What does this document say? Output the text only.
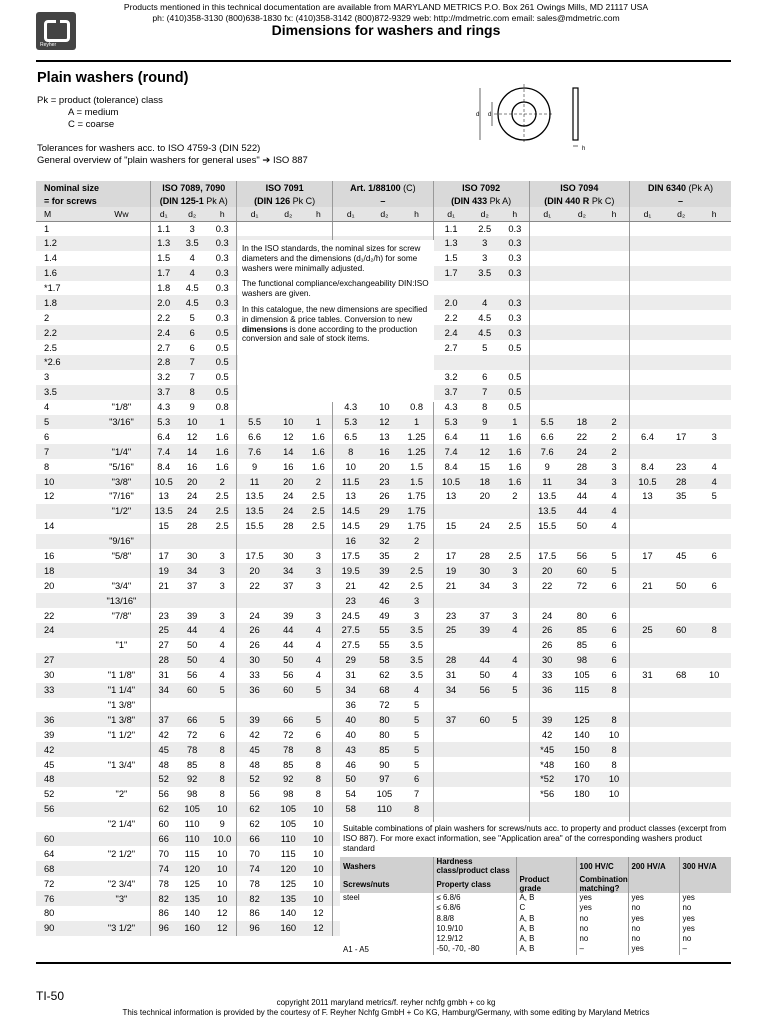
Reyher
Products mentioned in this technical documentation are available from MARYLAND METRICS P.O. Box 261 Owings Mills, MD 21117 USA
ph: (410)358-3130 (800)638-1830 fx: (410)358-3142 (800)872-9329 web: http://mdmetric.com email: sales@mdmetric.com
Dimensions for washers and rings
Plain washers (round)
Pk = product (tolerance) class
A = medium
C = coarse
Tolerances for washers acc. to ISO 4759-3 (DIN 522)
General overview of "plain washers for general uses" ➔ ISO 887
d d
h
Nominal size		ISO 7089, 7090			ISO 7091			Art. 1/88100 (C)			ISO 7092			ISO 7094			DIN 6340 (Pk A)		
= for screws		(DIN 125-1 Pk A)			(DIN 126 Pk C)			–			(DIN 433 Pk A)			(DIN 440 R Pk C)			–		
M	Ww	d₁	d₂	h	d₁	d₂	h	d₁	d₂	h	d₁	d₂	h	d₁	d₂	h	d₁	d₂	h
1		1.1	3	0.3							1.1	2.5	0.3						
1.2		1.3	3.5	0.3							1.3	3	0.3						
1.4		1.5	4	0.3							1.5	3	0.3						
1.6		1.7	4	0.3							1.7	3.5	0.3						
*1.7		1.8	4.5	0.3															
1.8		2.0	4.5	0.3							2.0	4	0.3						
2		2.2	5	0.3							2.2	4.5	0.3						
2.2		2.4	6	0.5							2.4	4.5	0.3						
2.5		2.7	6	0.5							2.7	5	0.5						
*2.6		2.8	7	0.5															
3		3.2	7	0.5							3.2	6	0.5						
3.5		3.7	8	0.5							3.7	7	0.5						
4	"1/8"	4.3	9	0.8				4.3	10	0.8	4.3	8	0.5						
5	"3/16"	5.3	10	1	5.5	10	1	5.3	12	1	5.3	9	1	5.5	18	2			
6		6.4	12	1.6	6.6	12	1.6	6.5	13	1.25	6.4	11	1.6	6.6	22	2	6.4	17	3
7	"1/4"	7.4	14	1.6	7.6	14	1.6	8	16	1.25	7.4	12	1.6	7.6	24	2			
8	"5/16"	8.4	16	1.6	9	16	1.6	10	20	1.5	8.4	15	1.6	9	28	3	8.4	23	4
10	"3/8"	10.5	20	2	11	20	2	11.5	23	1.5	10.5	18	1.6	11	34	3	10.5	28	4
12	"7/16"	13	24	2.5	13.5	24	2.5	13	26	1.75	13	20	2	13.5	44	4	13	35	5
	"1/2"	13.5	24	2.5	13.5	24	2.5	14.5	29	1.75				13.5	44	4			
14		15	28	2.5	15.5	28	2.5	14.5	29	1.75	15	24	2.5	15.5	50	4			
	"9/16"							16	32	2									
16	"5/8"	17	30	3	17.5	30	3	17.5	35	2	17	28	2.5	17.5	56	5	17	45	6
18		19	34	3	20	34	3	19.5	39	2.5	19	30	3	20	60	5			
20	"3/4"	21	37	3	22	37	3	21	42	2.5	21	34	3	22	72	6	21	50	6
	"13/16"							23	46	3									
22	"7/8"	23	39	3	24	39	3	24.5	49	3	23	37	3	24	80	6			
24		25	44	4	26	44	4	27.5	55	3.5	25	39	4	26	85	6	25	60	8
	"1"	27	50	4	26	44	4	27.5	55	3.5				26	85	6			
27		28	50	4	30	50	4	29	58	3.5	28	44	4	30	98	6			
30	"1 1/8"	31	56	4	33	56	4	31	62	3.5	31	50	4	33	105	6	31	68	10
33	"1 1/4"	34	60	5	36	60	5	34	68	4	34	56	5	36	115	8			
	"1 3/8"							36	72	5									
36	"1 3/8"	37	66	5	39	66	5	40	80	5	37	60	5	39	125	8			
39	"1 1/2"	42	72	6	42	72	6	40	80	5				42	140	10			
42		45	78	8	45	78	8	43	85	5				*45	150	8			
45	"1 3/4"	48	85	8	48	85	8	46	90	5				*48	160	8			
48		52	92	8	52	92	8	50	97	6				*52	170	10			
52	"2"	56	98	8	56	98	8	54	105	7				*56	180	10			
56		62	105	10	62	105	10	58	110	8									
	"2 1/4"	60	110	9	62	105	10												
60		66	110	10.0	66	110	10												
64	"2 1/2"	70	115	10	70	115	10												
68		74	120	10	74	120	10												
72	"2 3/4"	78	125	10	78	125	10												
76	"3"	82	135	10	82	135	10												
80		86	140	12	86	140	12												
90	"3 1/2"	96	160	12	96	160	12												

In the ISO standards, the nominal sizes for screw diameters and the dimensions (d₁/d₂/h) for some washers were minimally adjusted.

The functional compliance/exchangeability DIN:ISO washers are given.

In this catalogue, the new dimensions are specified in dimension & price tables. Conversion to new dimensions is done according to the production conversion and sale of stock items.

Suitable combinations of plain washers for screws/nuts acc. to property and product classes (excerpt from ISO 887). For more exact information, see "Application area" of the corresponding washers product standard
Washers	Hardness class/product class		100 HV/C	200 HV/A	300 HV/A
Screws/nuts	Property class	Product grade	Combination matching?		
steel	≤ 6.8/6	A, B	yes	yes	yes
	≤ 6.8/6	C	yes	no	no
	8.8/8	A, B	no	yes	yes
	10.9/10	A, B	no	no	yes
	12.9/12	A, B	no	no	no
A1 - A5	-50, -70, -80	A, B	–	yes	–
TI-50	copyright 2011 maryland metrics/f. reyher nchfg gmbh + co kg
This technical information is provided by the courtesy of F. Reyher Nchfg GmbH + Co KG, Hamburg/Germany, with some editing by Maryland Metrics
